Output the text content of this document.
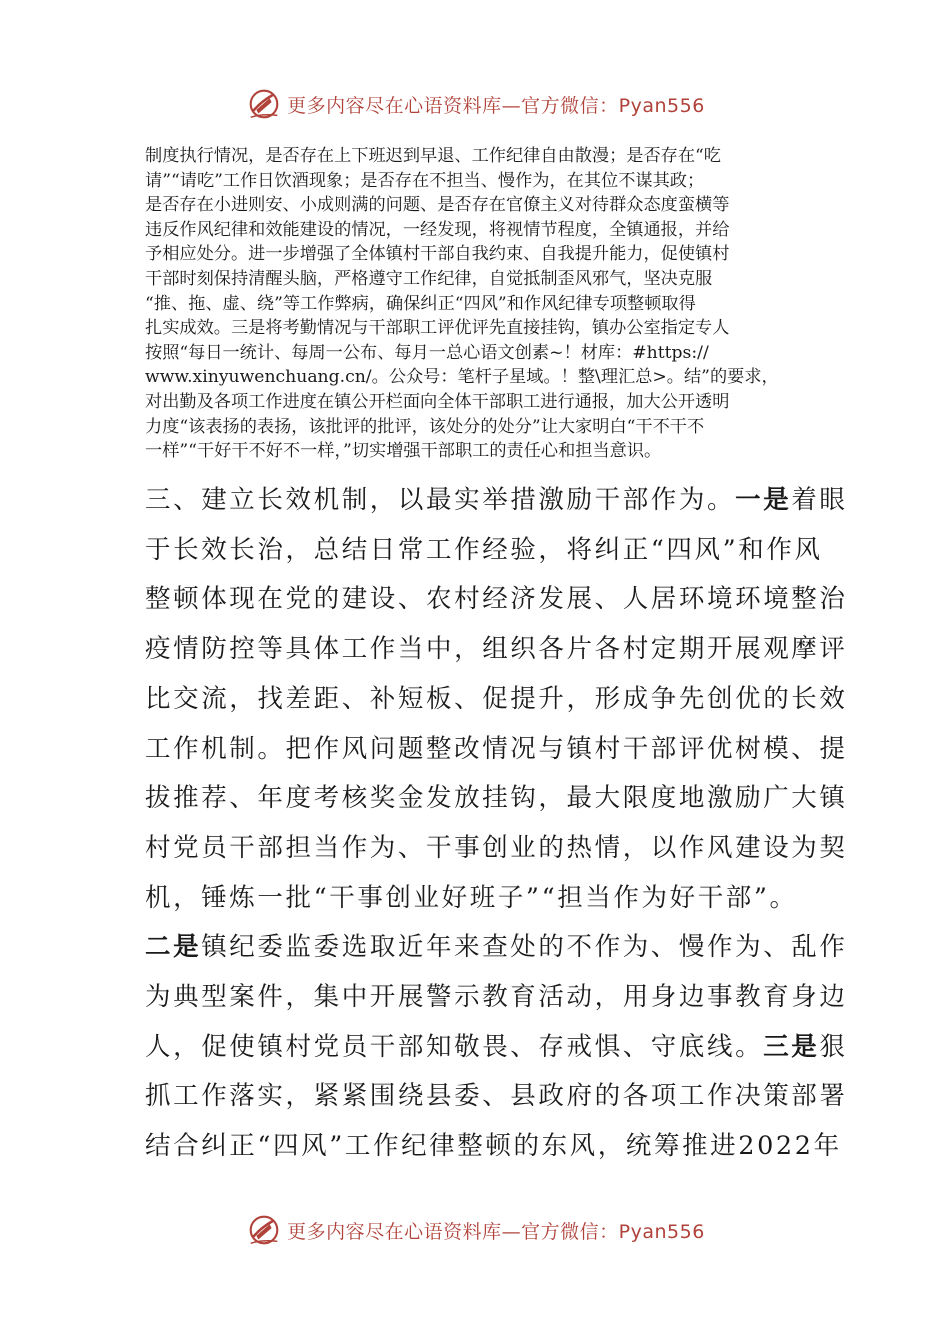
更多内容尽在心语资料库—官方微信：Pyan556
制度执行情况，是否存在上下班迟到早退、工作纪律自由散漫；是否存在“吃
请”“请吃”工作日饮酒现象；是否存在不担当、慢作为，在其位不谋其政；
是否存在小进则安、小成则满的问题、是否存在官僚主义对待群众态度蛮横等
违反作风纪律和效能建设的情况，一经发现，将视情节程度，全镇通报，并给
予相应处分。进一步增强了全体镇村干部自我约束、自我提升能力，促使镇村
干部时刻保持清醒头脑，严格遵守工作纪律，自觉抵制歪风邪气，坚决克服
“推、拖、虚、绕”等工作弊病，确保纠正“四风”和作风纪律专项整顿取得
扎实成效。三是将考勤情况与干部职工评优评先直接挂钩，镇办公室指定专人
按照“每日一统计、每周一公布、每月一总心语文创素~！材库：#https://
www.xinyuwenchuang.cn/。公众号：笔杆子星域。！整\理汇总>。结”的要求，
对出勤及各项工作进度在镇公开栏面向全体干部职工进行通报，加大公开透明
力度“该表扬的表扬，该批评的批评，该处分的处分”让大家明白“干不干不
一样”“干好干不好不一样，”切实增强干部职工的责任心和担当意识。
三、建立长效机制，以最实举措激励干部作为。一是着眼
于长效长治，总结日常工作经验，将纠正“四风”和作风
整顿体现在党的建设、农村经济发展、人居环境环境整治
疫情防控等具体工作当中，组织各片各村定期开展观摩评
比交流，找差距、补短板、促提升，形成争先创优的长效
工作机制。把作风问题整改情况与镇村干部评优树模、提
拔推荐、年度考核奖金发放挂钩，最大限度地激励广大镇
村党员干部担当作为、干事创业的热情，以作风建设为契
机，锤炼一批“干事创业好班子”“担当作为好干部”。
二是镇纪委监委选取近年来查处的不作为、慢作为、乱作
为典型案件，集中开展警示教育活动，用身边事教育身边
人，促使镇村党员干部知敬畏、存戒惧、守底线。三是狠
抓工作落实，紧紧围绕县委、县政府的各项工作决策部署
结合纠正“四风”工作纪律整顿的东风，统筹推进2022年
更多内容尽在心语资料库—官方微信：Pyan556
